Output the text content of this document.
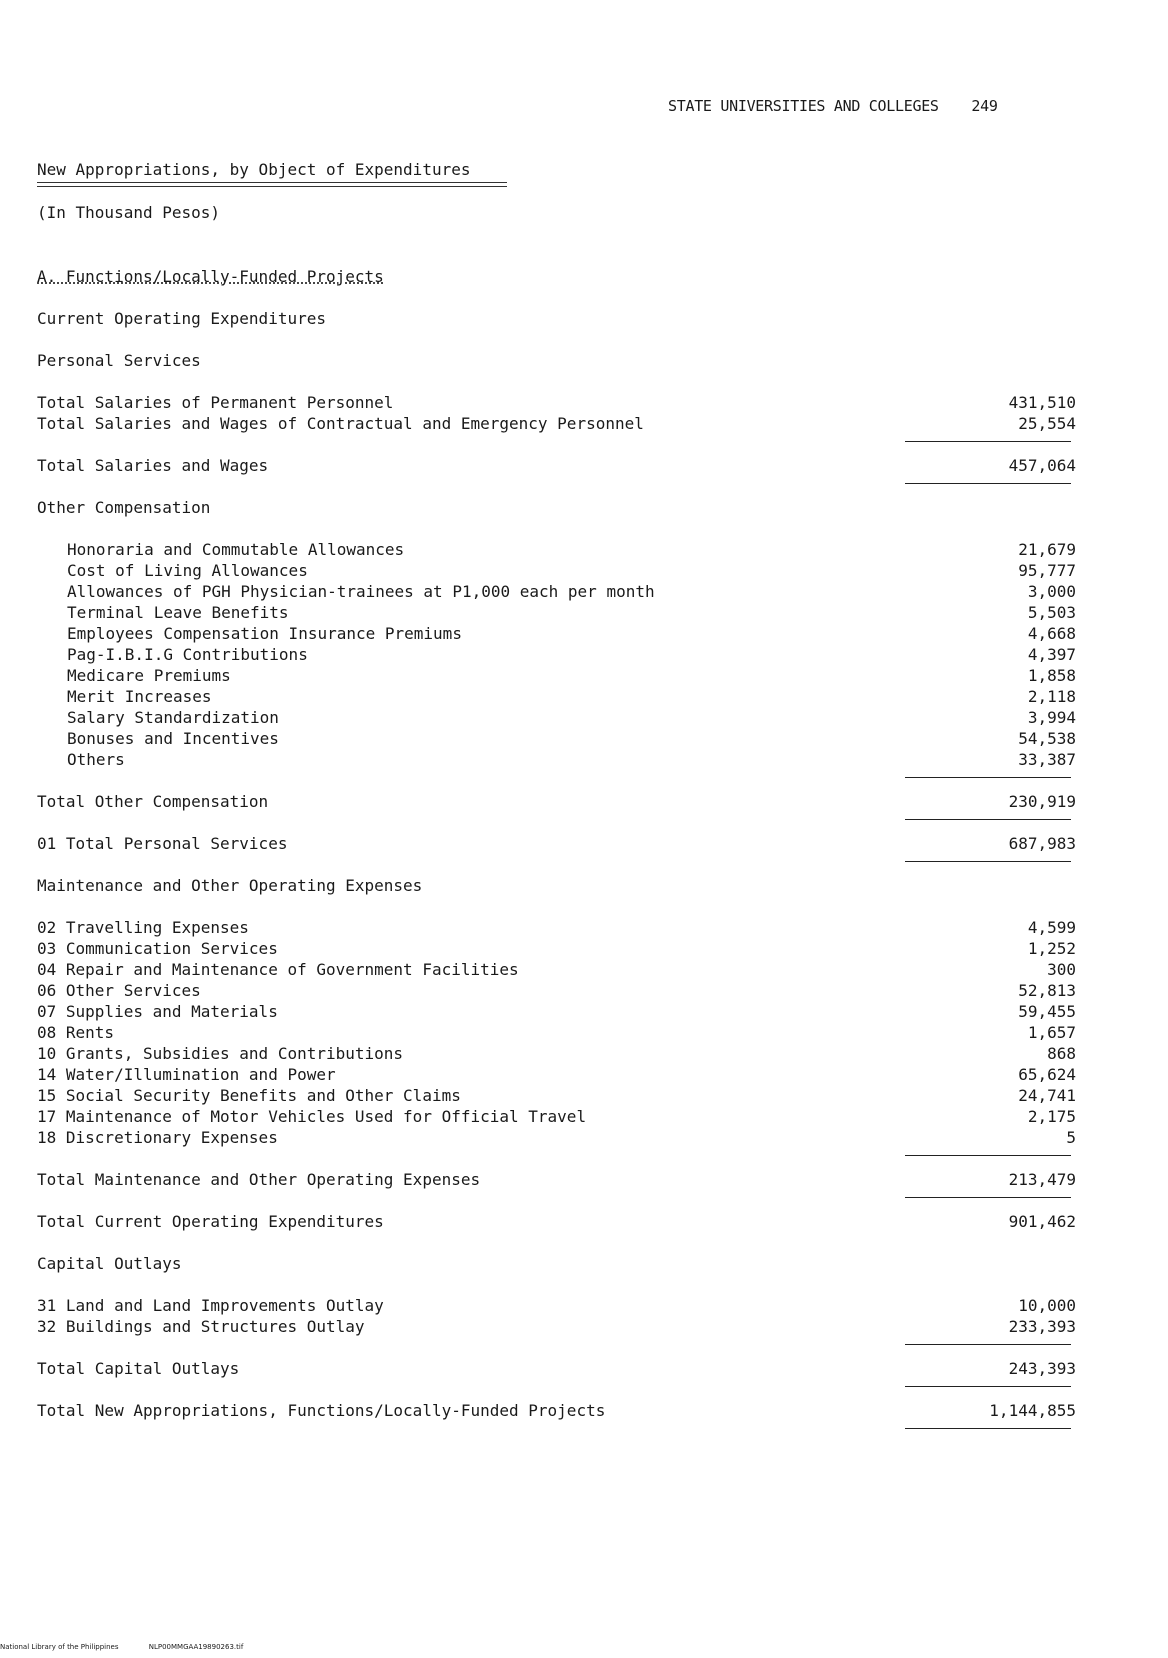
STATE UNIVERSITIES AND COLLEGES 249
New Appropriations, by Object of Expenditures
(In Thousand Pesos)
A. Functions/Locally-Funded Projects
Current Operating Expenditures
Personal Services
Total Salaries of Permanent Personnel	431,510
Total Salaries and Wages of Contractual and Emergency Personnel	25,554
Total Salaries and Wages	457,064
Other Compensation
Honoraria and Commutable Allowances	21,679
Cost of Living Allowances	95,777
Allowances of PGH Physician-trainees at P1,000 each per month	3,000
Terminal Leave Benefits	5,503
Employees Compensation Insurance Premiums	4,668
Pag-I.B.I.G Contributions	4,397
Medicare Premiums	1,858
Merit Increases	2,118
Salary Standardization	3,994
Bonuses and Incentives	54,538
Others	33,387
Total Other Compensation	230,919
01 Total Personal Services	687,983
Maintenance and Other Operating Expenses
02 Travelling Expenses	4,599
03 Communication Services	1,252
04 Repair and Maintenance of Government Facilities	300
06 Other Services	52,813
07 Supplies and Materials	59,455
08 Rents	1,657
10 Grants, Subsidies and Contributions	868
14 Water/Illumination and Power	65,624
15 Social Security Benefits and Other Claims	24,741
17 Maintenance of Motor Vehicles Used for Official Travel	2,175
18 Discretionary Expenses	5
Total Maintenance and Other Operating Expenses	213,479
Total Current Operating Expenditures	901,462
Capital Outlays
31 Land and Land Improvements Outlay	10,000
32 Buildings and Structures Outlay	233,393
Total Capital Outlays	243,393
Total New Appropriations, Functions/Locally-Funded Projects	1,144,855
National Library of the Philippines	NLP00MMGAA19890263.tif
